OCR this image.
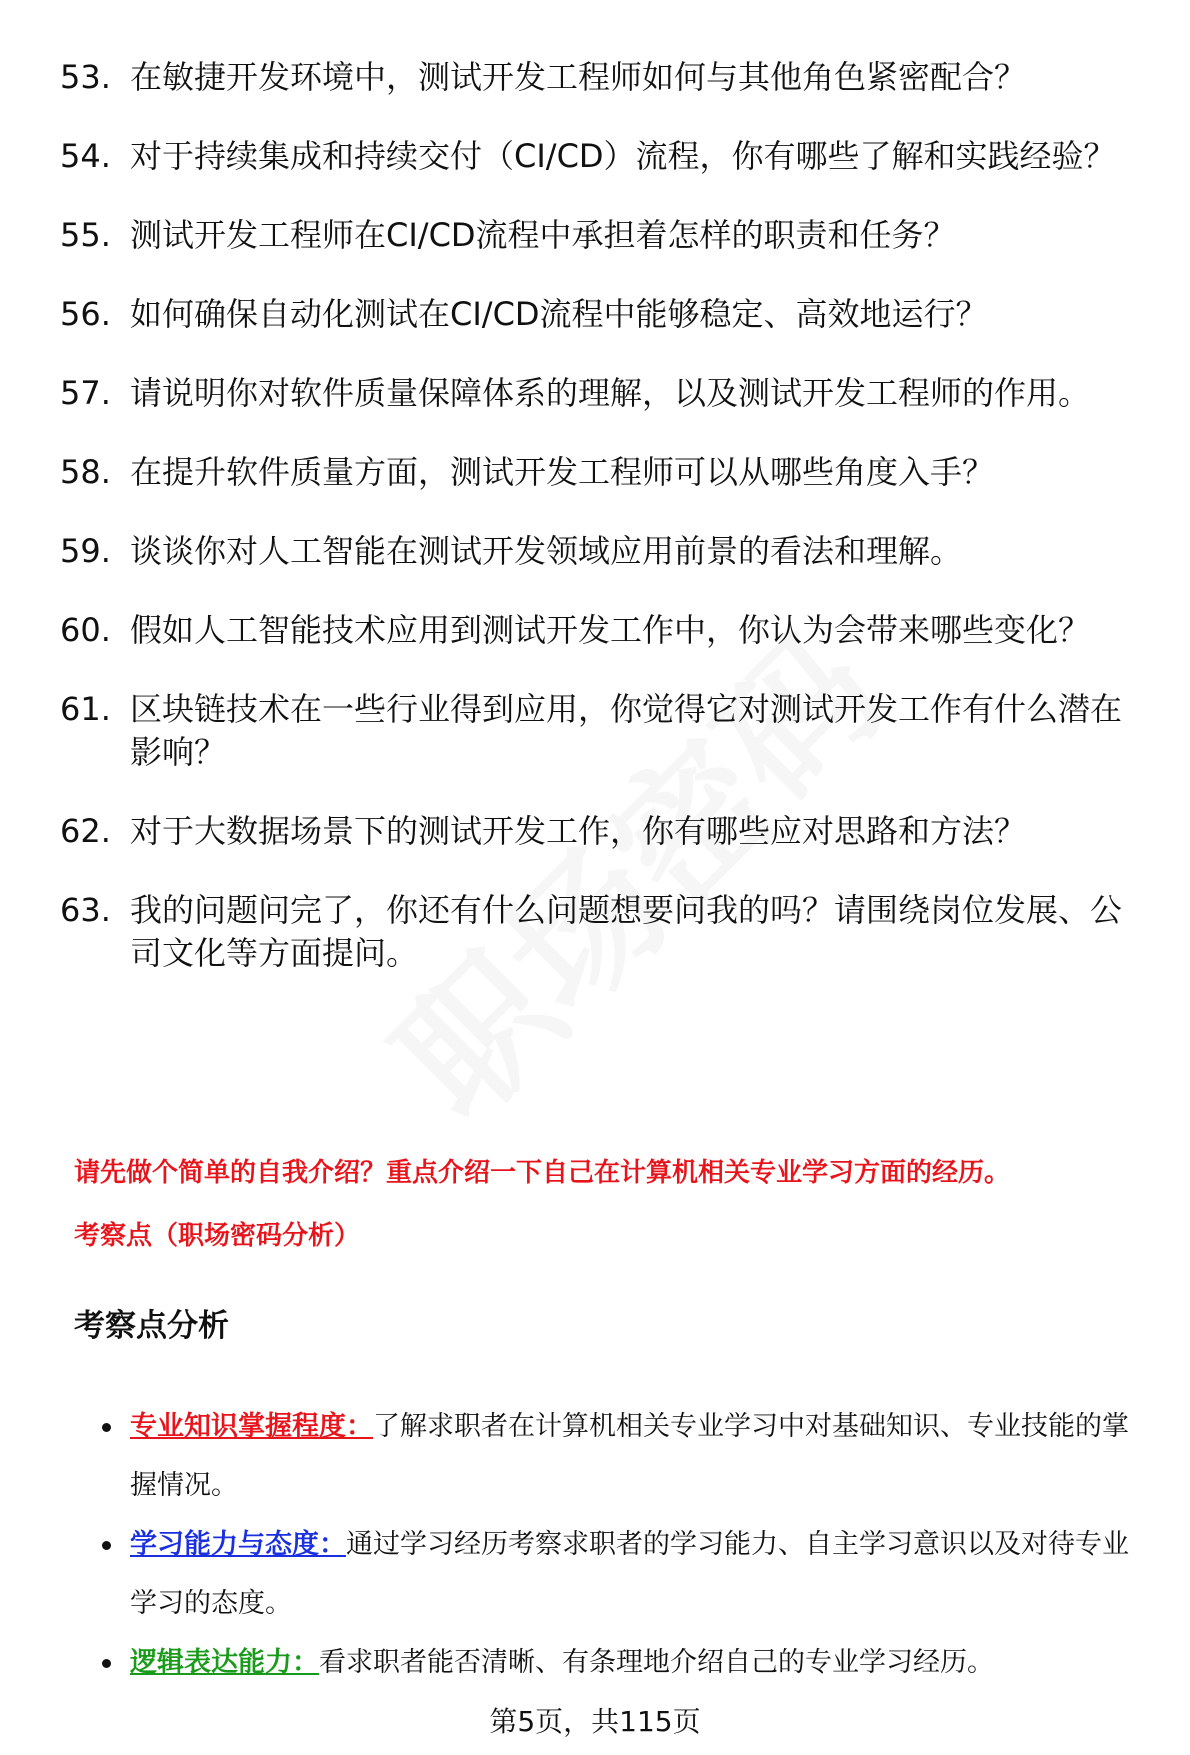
53. 在敏捷开发环境中，测试开发工程师如何与其他角色紧密配合？
54. 对于持续集成和持续交付（CI/CD）流程，你有哪些了解和实践经验？
55. 测试开发工程师在CI/CD流程中承担着怎样的职责和任务？
56. 如何确保自动化测试在CI/CD流程中能够稳定、高效地运行？
57. 请说明你对软件质量保障体系的理解，以及测试开发工程师的作用。
58. 在提升软件质量方面，测试开发工程师可以从哪些角度入手？
59. 谈谈你对人工智能在测试开发领域应用前景的看法和理解。
60. 假如人工智能技术应用到测试开发工作中，你认为会带来哪些变化？
61. 区块链技术在一些行业得到应用，你觉得它对测试开发工作有什么潜在影响？
62. 对于大数据场景下的测试开发工作，你有哪些应对思路和方法？
63. 我的问题问完了，你还有什么问题想要问我的吗？请围绕岗位发展、公司文化等方面提问。
请先做个简单的自我介绍？重点介绍一下自己在计算机相关专业学习方面的经历。
考察点（职场密码分析）
考察点分析
专业知识掌握程度：了解求职者在计算机相关专业学习中对基础知识、专业技能的掌握情况。
学习能力与态度：通过学习经历考察求职者的学习能力、自主学习意识以及对待专业学习的态度。
逻辑表达能力：看求职者能否清晰、有条理地介绍自己的专业学习经历。
第5页，共115页
